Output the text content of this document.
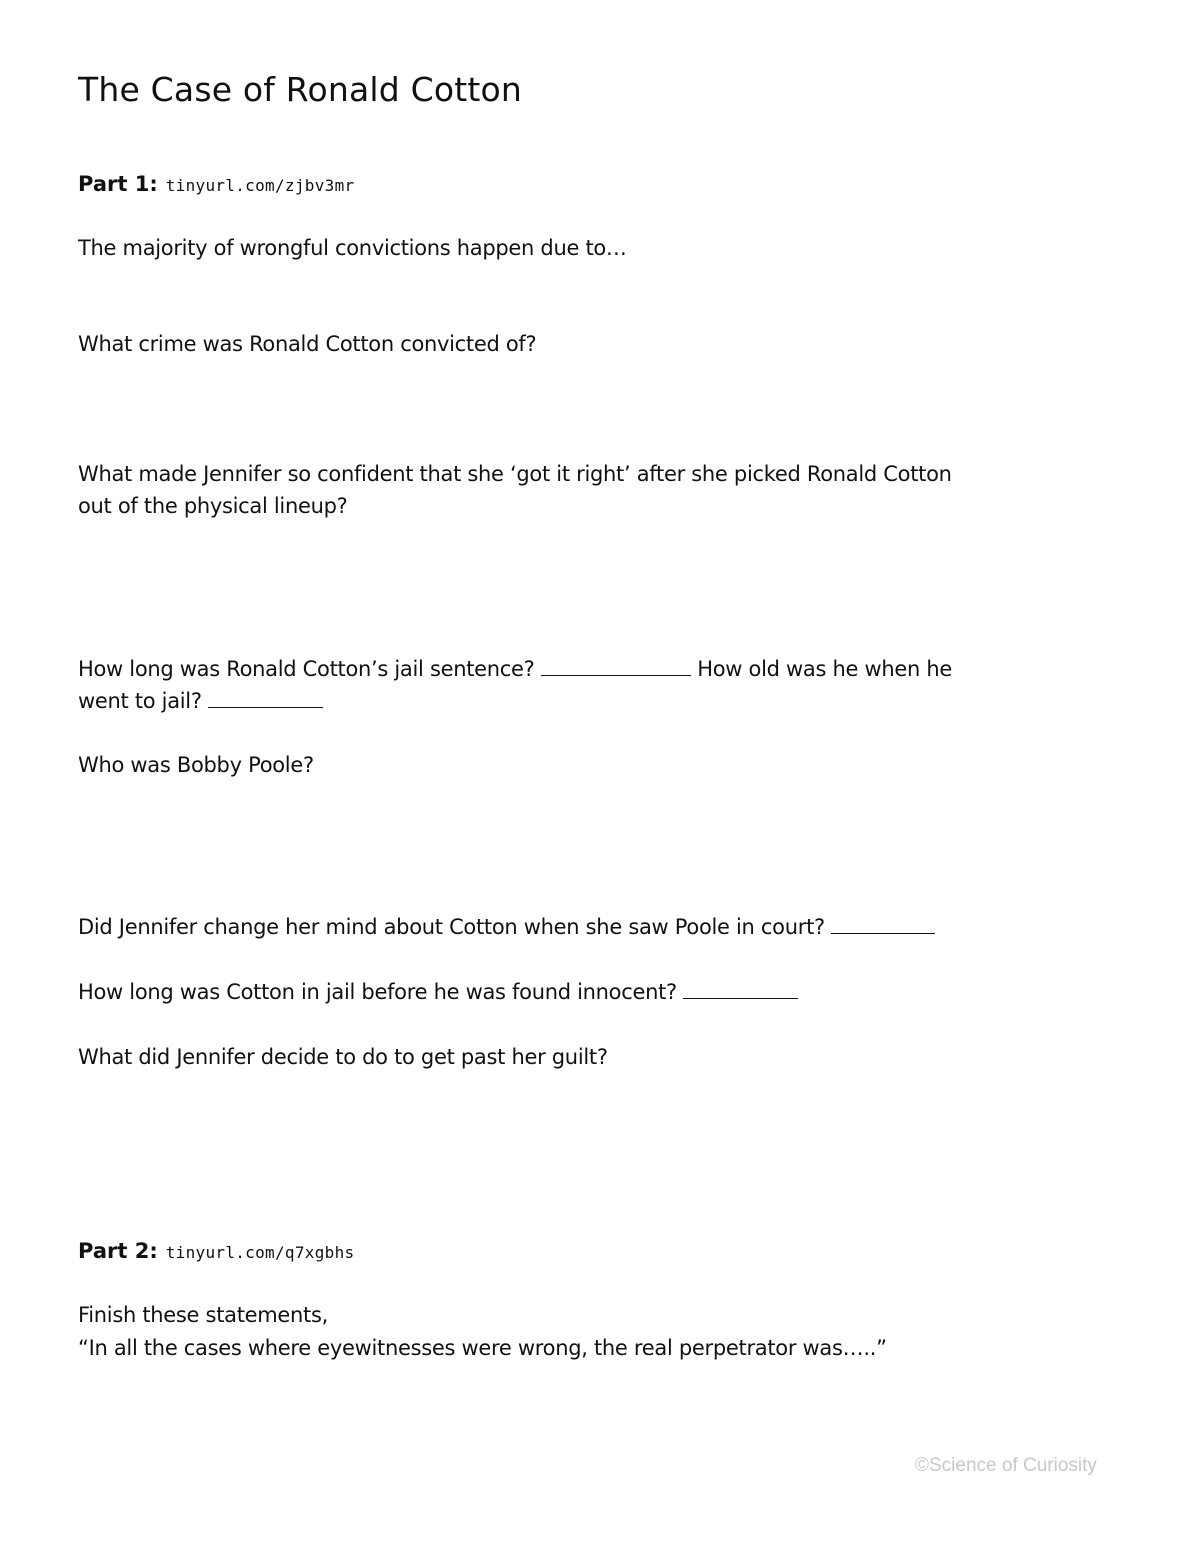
The Case of Ronald Cotton
Part 1: tinyurl.com/zjbv3mr
The majority of wrongful convictions happen due to…
What crime was Ronald Cotton convicted of?
What made Jennifer so confident that she ‘got it right’ after she picked Ronald Cotton
out of the physical lineup?
How long was Ronald Cotton’s jail sentence?	How old was he when he
went to jail?
Who was Bobby Poole?
Did Jennifer change her mind about Cotton when she saw Poole in court?
How long was Cotton in jail before he was found innocent?
What did Jennifer decide to do to get past her guilt?
Part 2: tinyurl.com/q7xgbhs
Finish these statements,
“In all the cases where eyewitnesses were wrong, the real perpetrator was…..”
©Science of Curiosity
